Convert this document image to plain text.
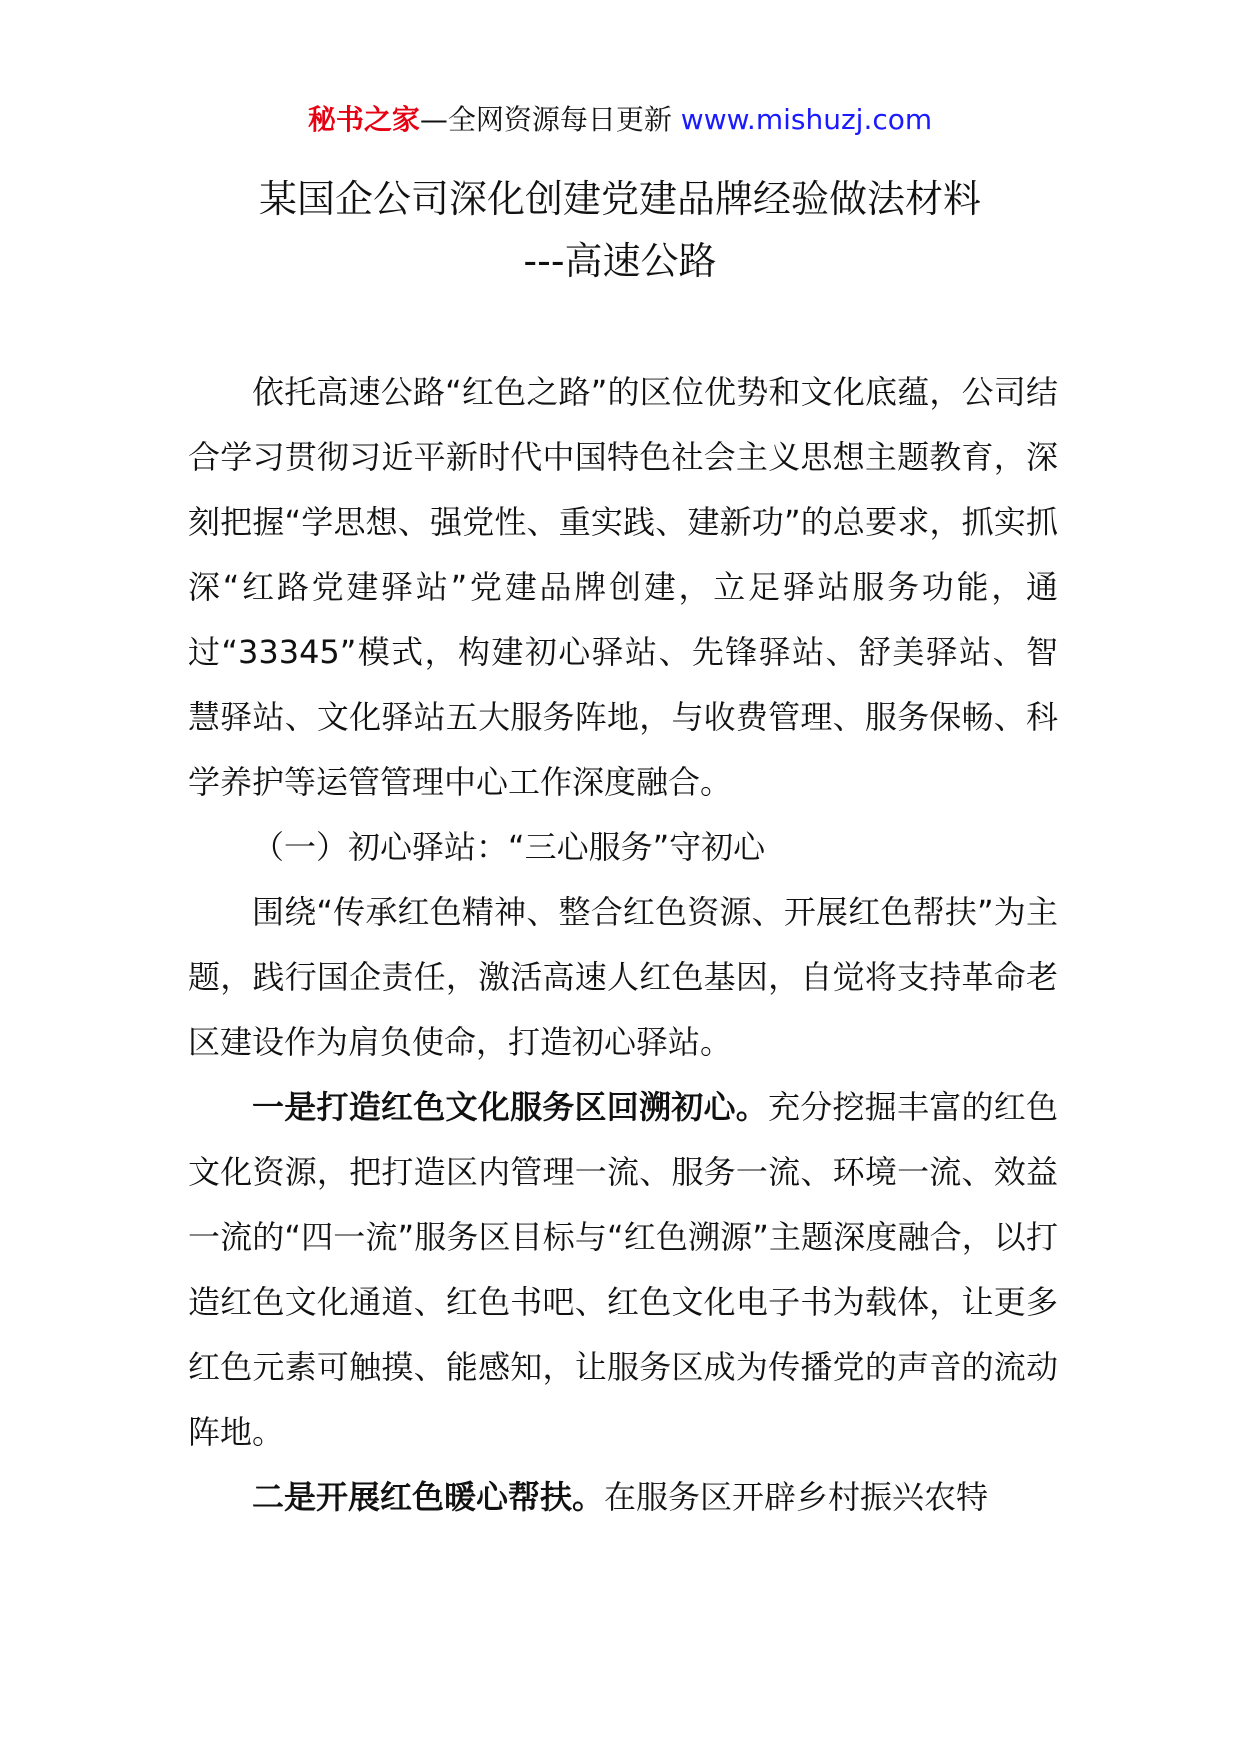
秘书之家—全网资源每日更新 www.mishuzj.com
某国企公司深化创建党建品牌经验做法材料
---高速公路

依托高速公路“红色之路”的区位优势和文化底蕴，公司结合学习贯彻习近平新时代中国特色社会主义思想主题教育，深刻把握“学思想、强党性、重实践、建新功”的总要求，抓实抓深“红路党建驿站”党建品牌创建，立足驿站服务功能，通过“33345”模式，构建初心驿站、先锋驿站、舒美驿站、智慧驿站、文化驿站五大服务阵地，与收费管理、服务保畅、科学养护等运管管理中心工作深度融合。

（一）初心驿站：“三心服务”守初心

围绕“传承红色精神、整合红色资源、开展红色帮扶”为主题，践行国企责任，激活高速人红色基因，自觉将支持革命老区建设作为肩负使命，打造初心驿站。

一是打造红色文化服务区回溯初心。充分挖掘丰富的红色文化资源，把打造区内管理一流、服务一流、环境一流、效益一流的“四一流”服务区目标与“红色溯源”主题深度融合，以打造红色文化通道、红色书吧、红色文化电子书为载体，让更多红色元素可触摸、能感知，让服务区成为传播党的声音的流动阵地。

二是开展红色暖心帮扶。在服务区开辟乡村振兴农特
